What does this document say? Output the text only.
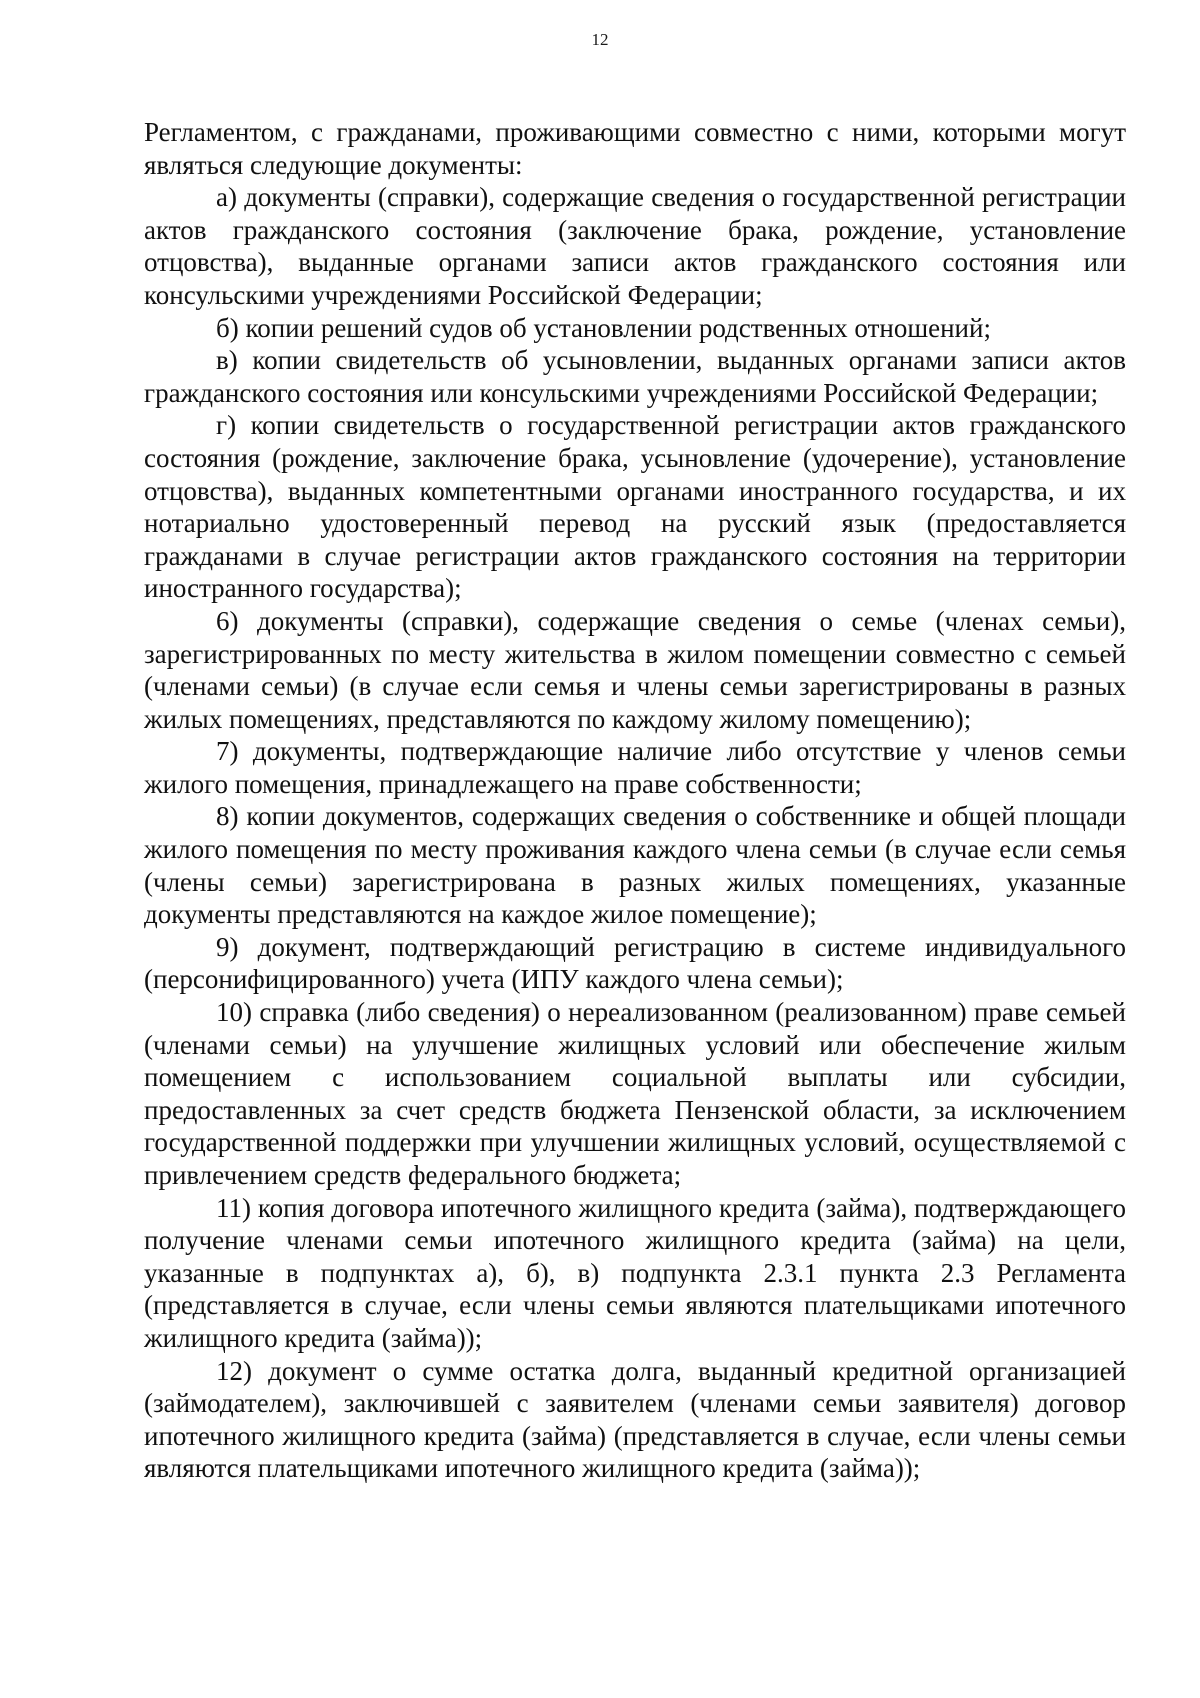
12

Регламентом, с гражданами, проживающими совместно с ними, которыми могут являться следующие документы:

а) документы (справки), содержащие сведения о государственной регистрации актов гражданского состояния (заключение брака, рождение, установление отцовства), выданные органами записи актов гражданского состояния или консульскими учреждениями Российской Федерации;

б) копии решений судов об установлении родственных отношений;

в) копии свидетельств об усыновлении, выданных органами записи актов гражданского состояния или консульскими учреждениями Российской Федерации;

г) копии свидетельств о государственной регистрации актов гражданского состояния (рождение, заключение брака, усыновление (удочерение), установление отцовства), выданных компетентными органами иностранного государства, и их нотариально удостоверенный перевод на русский язык (предоставляется гражданами в случае регистрации актов гражданского состояния на территории иностранного государства);

6) документы (справки), содержащие сведения о семье (членах семьи), зарегистрированных по месту жительства в жилом помещении совместно с семьей (членами семьи) (в случае если семья и члены семьи зарегистрированы в разных жилых помещениях, представляются по каждому жилому помещению);

7) документы, подтверждающие наличие либо отсутствие у членов семьи жилого помещения, принадлежащего на праве собственности;

8) копии документов, содержащих сведения о собственнике и общей площади жилого помещения по месту проживания каждого члена семьи (в случае если семья (члены семьи) зарегистрирована в разных жилых помещениях, указанные документы представляются на каждое жилое помещение);

9) документ, подтверждающий регистрацию в системе индивидуального (персонифицированного) учета (ИПУ каждого члена семьи);

10) справка (либо сведения) о нереализованном (реализованном) праве семьей (членами семьи) на улучшение жилищных условий или обеспечение жилым помещением с использованием социальной выплаты или субсидии, предоставленных за счет средств бюджета Пензенской области, за исключением государственной поддержки при улучшении жилищных условий, осуществляемой с привлечением средств федерального бюджета;

11) копия договора ипотечного жилищного кредита (займа), подтверждающего получение членами семьи ипотечного жилищного кредита (займа) на цели, указанные в подпунктах а), б), в) подпункта 2.3.1 пункта 2.3 Регламента (представляется в случае, если члены семьи являются плательщиками ипотечного жилищного кредита (займа));

12) документ о сумме остатка долга, выданный кредитной организацией (займодателем), заключившей с заявителем (членами семьи заявителя) договор ипотечного жилищного кредита (займа) (представляется в случае, если члены семьи являются плательщиками ипотечного жилищного кредита (займа));
